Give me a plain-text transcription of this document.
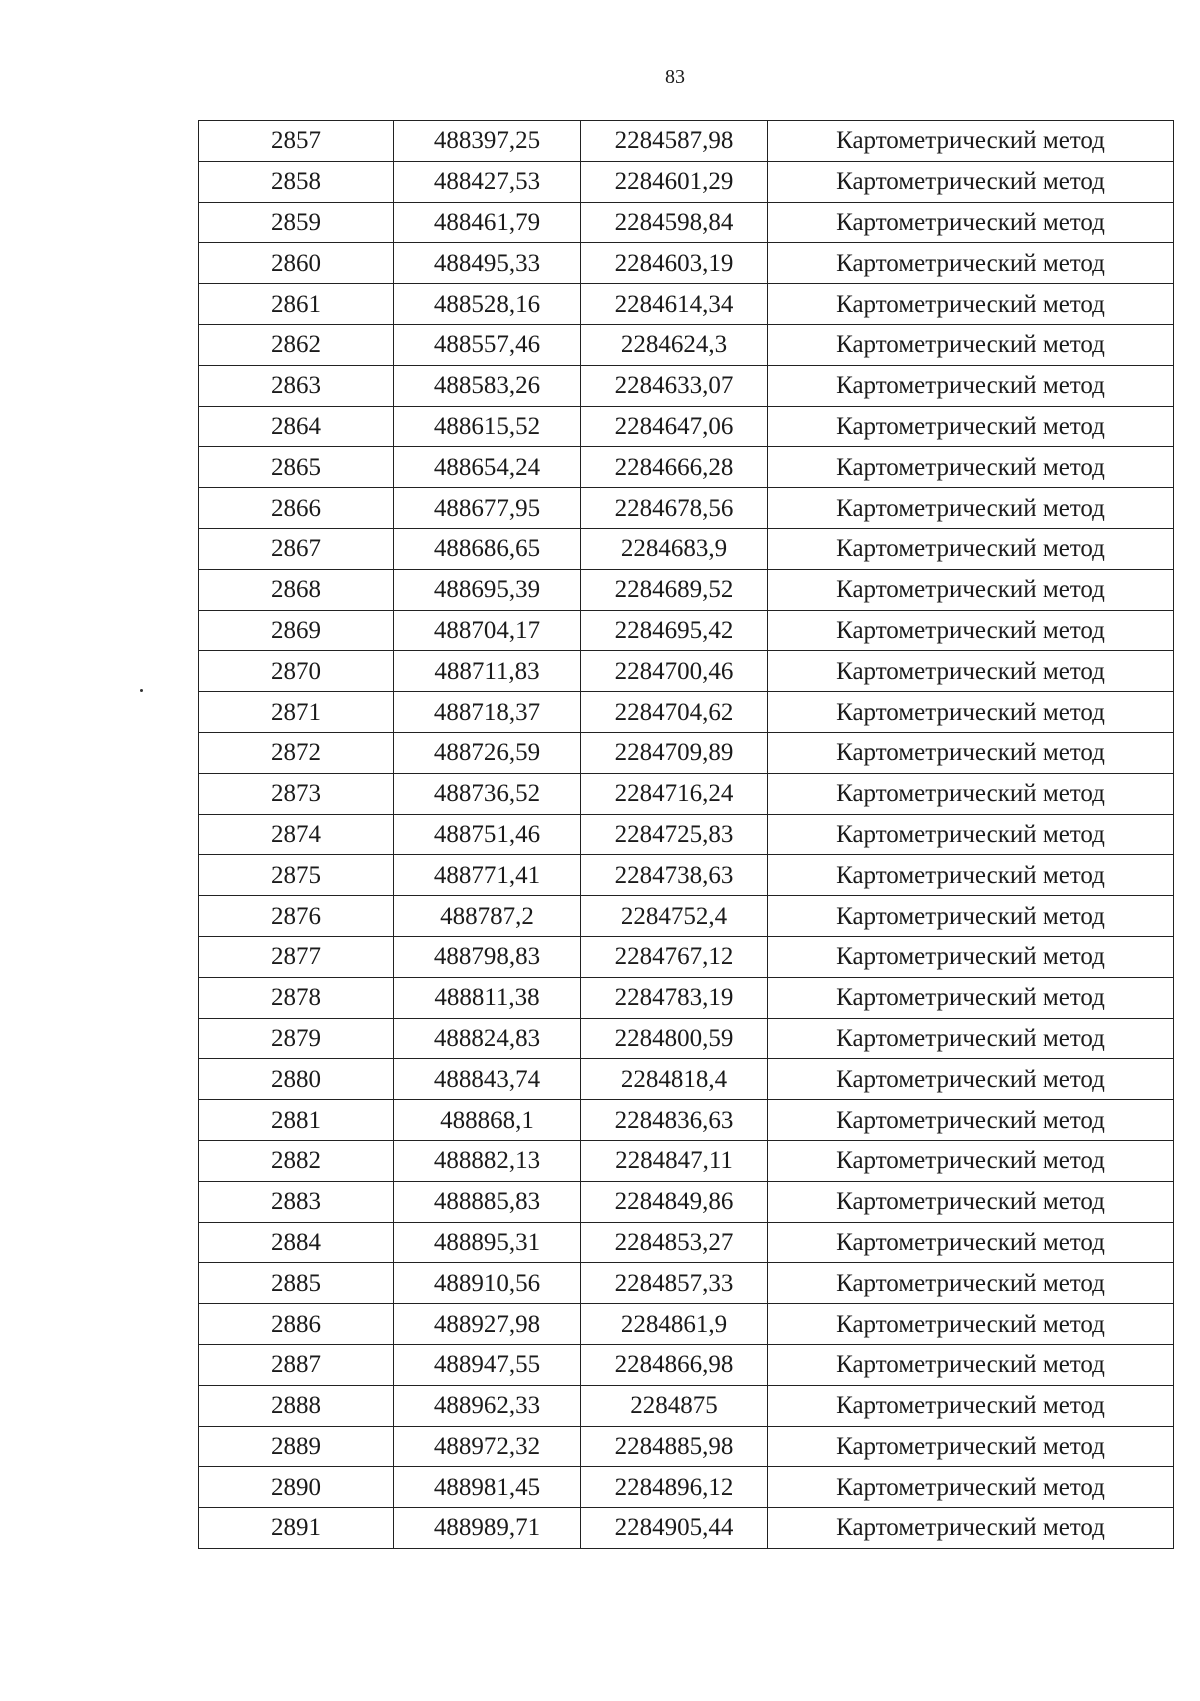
83
2857	488397,25	2284587,98	Картометрический метод
2858	488427,53	2284601,29	Картометрический метод
2859	488461,79	2284598,84	Картометрический метод
2860	488495,33	2284603,19	Картометрический метод
2861	488528,16	2284614,34	Картометрический метод
2862	488557,46	2284624,3	Картометрический метод
2863	488583,26	2284633,07	Картометрический метод
2864	488615,52	2284647,06	Картометрический метод
2865	488654,24	2284666,28	Картометрический метод
2866	488677,95	2284678,56	Картометрический метод
2867	488686,65	2284683,9	Картометрический метод
2868	488695,39	2284689,52	Картометрический метод
2869	488704,17	2284695,42	Картометрический метод
2870	488711,83	2284700,46	Картометрический метод
2871	488718,37	2284704,62	Картометрический метод
2872	488726,59	2284709,89	Картометрический метод
2873	488736,52	2284716,24	Картометрический метод
2874	488751,46	2284725,83	Картометрический метод
2875	488771,41	2284738,63	Картометрический метод
2876	488787,2	2284752,4	Картометрический метод
2877	488798,83	2284767,12	Картометрический метод
2878	488811,38	2284783,19	Картометрический метод
2879	488824,83	2284800,59	Картометрический метод
2880	488843,74	2284818,4	Картометрический метод
2881	488868,1	2284836,63	Картометрический метод
2882	488882,13	2284847,11	Картометрический метод
2883	488885,83	2284849,86	Картометрический метод
2884	488895,31	2284853,27	Картометрический метод
2885	488910,56	2284857,33	Картометрический метод
2886	488927,98	2284861,9	Картометрический метод
2887	488947,55	2284866,98	Картометрический метод
2888	488962,33	2284875	Картометрический метод
2889	488972,32	2284885,98	Картометрический метод
2890	488981,45	2284896,12	Картометрический метод
2891	488989,71	2284905,44	Картометрический метод
